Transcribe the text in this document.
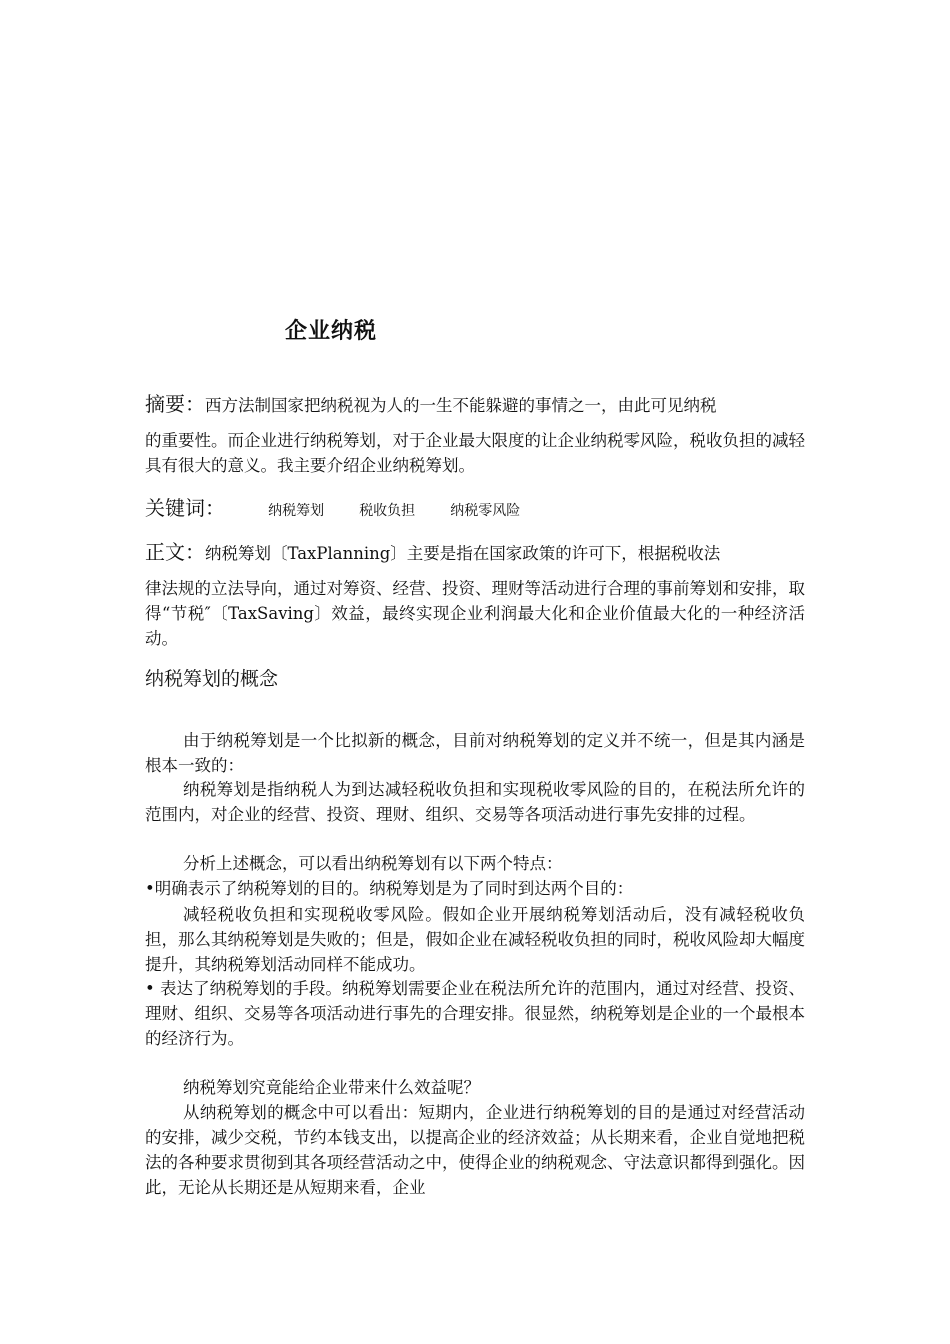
企业纳税
摘要：西方法制国家把纳税视为人的一生不能躲避的事情之一，由此可见纳税
的重要性。而企业进行纳税筹划，对于企业最大限度的让企业纳税零风险，税收负担的减轻具有很大的意义。我主要介绍企业纳税筹划。
关键词：	纳税筹划	税收负担	纳税零风险
正文：纳税筹划〔TaxPlanning〕主要是指在国家政策的许可下，根据税收法
律法规的立法导向，通过对筹资、经营、投资、理财等活动进行合理的事前筹划和安排，取得“节税″〔TaxSaving〕效益，最终实现企业利润最大化和企业价值最大化的一种经济活动。
纳税筹划的概念
由于纳税筹划是一个比拟新的概念，目前对纳税筹划的定义并不统一，但是其内涵是根本一致的：
纳税筹划是指纳税人为到达减轻税收负担和实现税收零风险的目的，在税法所允许的范围内，对企业的经营、投资、理财、组织、交易等各项活动进行事先安排的过程。
分析上述概念，可以看出纳税筹划有以下两个特点：
•明确表示了纳税筹划的目的。纳税筹划是为了同时到达两个目的：
减轻税收负担和实现税收零风险。假如企业开展纳税筹划活动后，没有减轻税收负担，那么其纳税筹划是失败的；但是，假如企业在减轻税收负担的同时，税收风险却大幅度提升，其纳税筹划活动同样不能成功。
• 表达了纳税筹划的手段。纳税筹划需要企业在税法所允许的范围内，通过对经营、投资、理财、组织、交易等各项活动进行事先的合理安排。很显然，纳税筹划是企业的一个最根本的经济行为。
纳税筹划究竟能给企业带来什么效益呢？
从纳税筹划的概念中可以看出：短期内，企业进行纳税筹划的目的是通过对经营活动的安排，减少交税，节约本钱支出，以提高企业的经济效益；从长期来看，企业自觉地把税法的各种要求贯彻到其各项经营活动之中，使得企业的纳税观念、守法意识都得到强化。因此，无论从长期还是从短期来看，企业
